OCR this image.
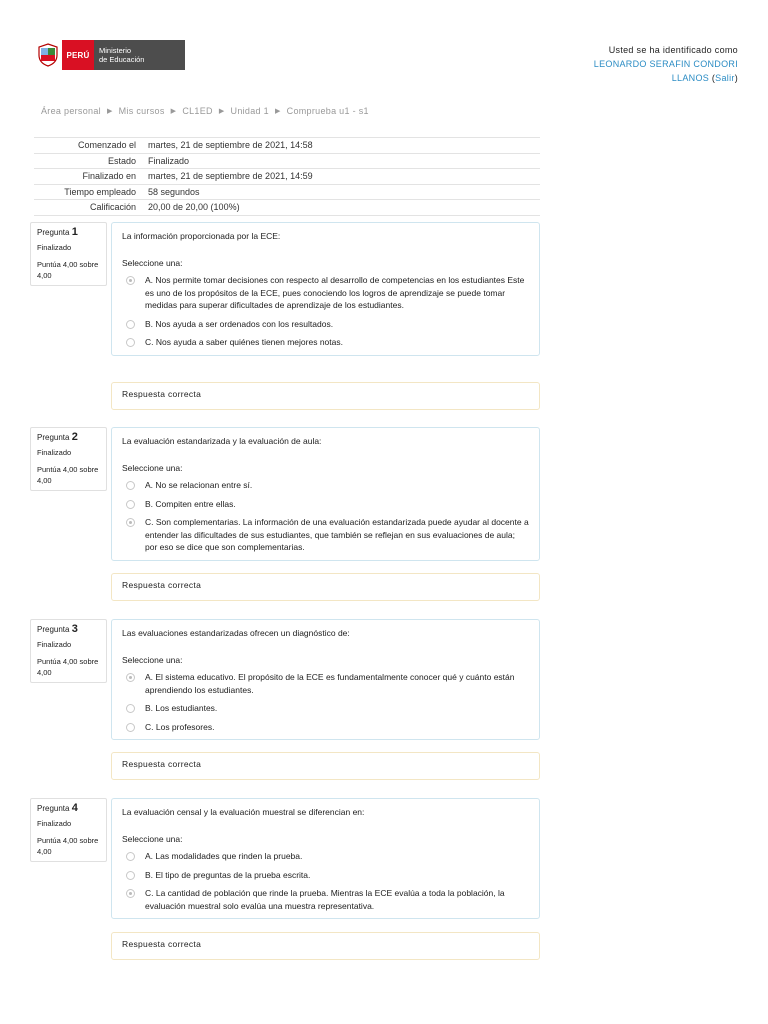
PERÚ	Ministerio
de Educación
Usted se ha identificado como
LEONARDO SERAFIN CONDORI
LLANOS (Salir)
Área personal ▶ Mis cursos ▶ CL1ED ▶ Unidad 1 ▶ Comprueba u1 - s1
Comenzado el	martes, 21 de septiembre de 2021, 14:58
Estado	Finalizado
Finalizado en	martes, 21 de septiembre de 2021, 14:59
Tiempo empleado	58 segundos
Calificación	20,00 de 20,00 (100%)
Pregunta 1
Finalizado
Puntúa 4,00 sobre 4,00
La información proporcionada por la ECE:
Seleccione una:
A. Nos permite tomar decisiones con respecto al desarrollo de competencias en los estudiantes Este es uno de los propósitos de la ECE, pues conociendo los logros de aprendizaje se puede tomar medidas para superar dificultades de aprendizaje de los estudiantes.
B. Nos ayuda a ser ordenados con los resultados.
C. Nos ayuda a saber quiénes tienen mejores notas.
Respuesta correcta
Pregunta 2
Finalizado
Puntúa 4,00 sobre 4,00
La evaluación estandarizada y la evaluación de aula:
Seleccione una:
A. No se relacionan entre sí.
B. Compiten entre ellas.
C. Son complementarias. La información de una evaluación estandarizada puede ayudar al docente a entender las dificultades de sus estudiantes, que también se reflejan en sus evaluaciones de aula; por eso se dice que son complementarias.
Respuesta correcta
Pregunta 3
Finalizado
Puntúa 4,00 sobre 4,00
Las evaluaciones estandarizadas ofrecen un diagnóstico de:
Seleccione una:
A. El sistema educativo. El propósito de la ECE es fundamentalmente conocer qué y cuánto están aprendiendo los estudiantes.
B. Los estudiantes.
C. Los profesores.
Respuesta correcta
Pregunta 4
Finalizado
Puntúa 4,00 sobre 4,00
La evaluación censal y la evaluación muestral se diferencian en:
Seleccione una:
A. Las modalidades que rinden la prueba.
B. El tipo de preguntas de la prueba escrita.
C. La cantidad de población que rinde la prueba. Mientras la ECE evalúa a toda la población, la evaluación muestral solo evalúa una muestra representativa.
Respuesta correcta
